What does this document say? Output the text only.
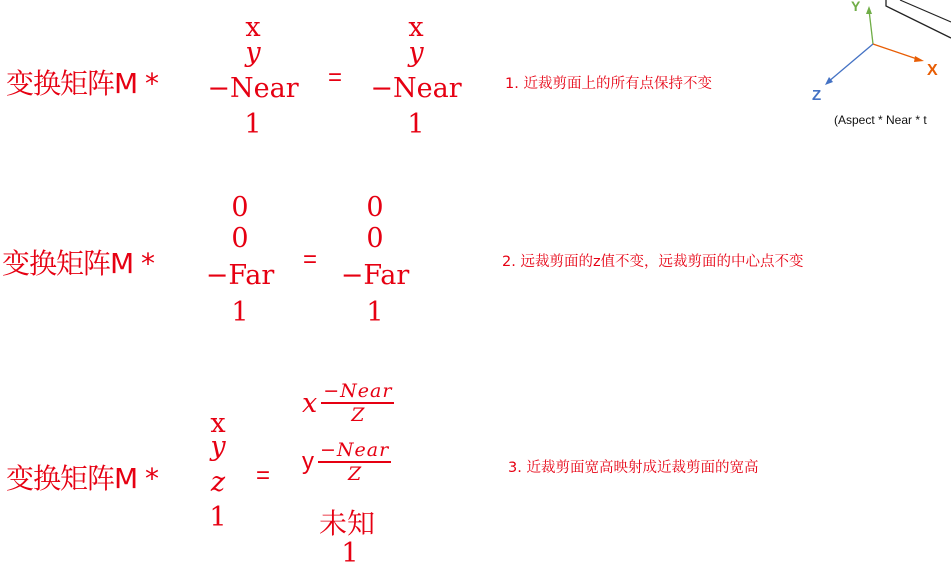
变换矩阵M *
x
y
−Near
1
=
x
y
−Near
1
1. 近裁剪面上的所有点保持不变
变换矩阵M *
0
0
−Far
1
=
0
0
−Far
1
2. 远裁剪面的z值不变，远裁剪面的中心点不变
变换矩阵M *
x
y
z
1
=
x $\frac{\text{−Near}}{Z}$
y $\frac{\text{−Near}}{Z}$
未知
1
3. 近裁剪面宽高映射成近裁剪面的宽高
Y
X
Z
(Aspect * Near * t
